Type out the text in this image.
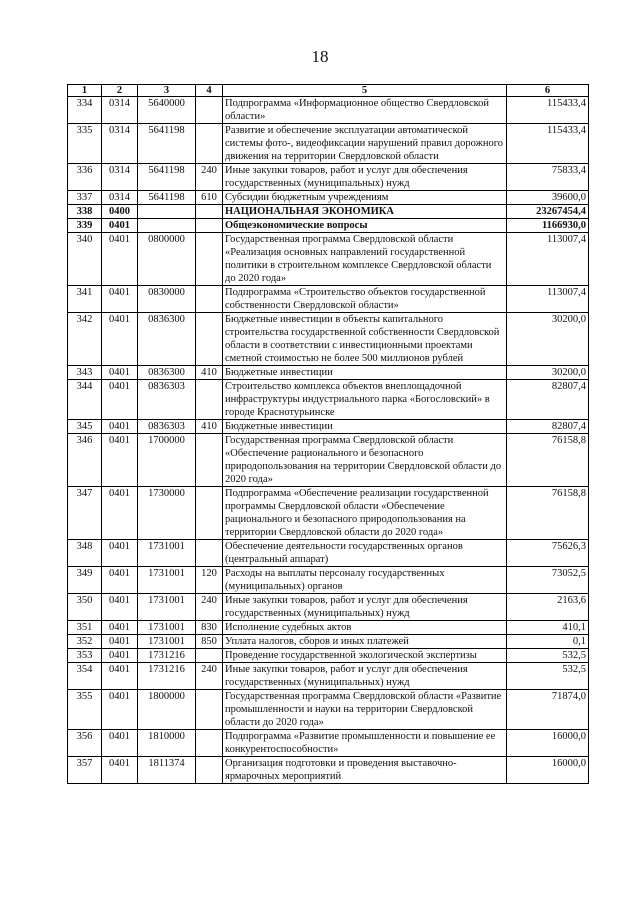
18
1	2	3	4	5	6
334	0314	5640000		Подпрограмма «Информационное общество Свердловской области»	115433,4
335	0314	5641198		Развитие и обеспечение эксплуатации автоматической системы фото-, видеофиксации нарушений правил дорожного движения на территории Свердловской области	115433,4
336	0314	5641198	240	Иные закупки товаров, работ и услуг для обеспечения государственных (муниципальных) нужд	75833,4
337	0314	5641198	610	Субсидии бюджетным учреждениям	39600,0
338	0400			НАЦИОНАЛЬНАЯ ЭКОНОМИКА	23267454,4
339	0401			Общеэкономические вопросы	1166930,0
340	0401	0800000		Государственная программа Свердловской области «Реализация основных направлений государственной политики в строительном комплексе Свердловской области до 2020 года»	113007,4
341	0401	0830000		Подпрограмма «Строительство объектов государственной собственности Свердловской области»	113007,4
342	0401	0836300		Бюджетные инвестиции в объекты капитального строительства государственной собственности Свердловской области в соответствии с инвестиционными проектами сметной стоимостью не более 500 миллионов рублей	30200,0
343	0401	0836300	410	Бюджетные инвестиции	30200,0
344	0401	0836303		Строительство комплекса объектов внеплощадочной инфраструктуры индустриального парка «Богословский» в городе Краснотурьинске	82807,4
345	0401	0836303	410	Бюджетные инвестиции	82807,4
346	0401	1700000		Государственная программа Свердловской области «Обеспечение рационального и безопасного природопользования на территории Свердловской области до 2020 года»	76158,8
347	0401	1730000		Подпрограмма «Обеспечение реализации государственной программы Свердловской области «Обеспечение рационального и безопасного природопользования на территории Свердловской области до 2020 года»	76158,8
348	0401	1731001		Обеспечение деятельности государственных органов (центральный аппарат)	75626,3
349	0401	1731001	120	Расходы на выплаты персоналу государственных (муниципальных) органов	73052,5
350	0401	1731001	240	Иные закупки товаров, работ и услуг для обеспечения государственных (муниципальных) нужд	2163,6
351	0401	1731001	830	Исполнение судебных актов	410,1
352	0401	1731001	850	Уплата налогов, сборов и иных платежей	0,1
353	0401	1731216		Проведение государственной экологической экспертизы	532,5
354	0401	1731216	240	Иные закупки товаров, работ и услуг для обеспечения государственных (муниципальных) нужд	532,5
355	0401	1800000		Государственная программа Свердловской области «Развитие промышленности и науки на территории Свердловской области до 2020 года»	71874,0
356	0401	1810000		Подпрограмма «Развитие промышленности и повышение ее конкурентоспособности»	16000,0
357	0401	1811374		Организация подготовки и проведения выставочно-ярмарочных мероприятий	16000,0
